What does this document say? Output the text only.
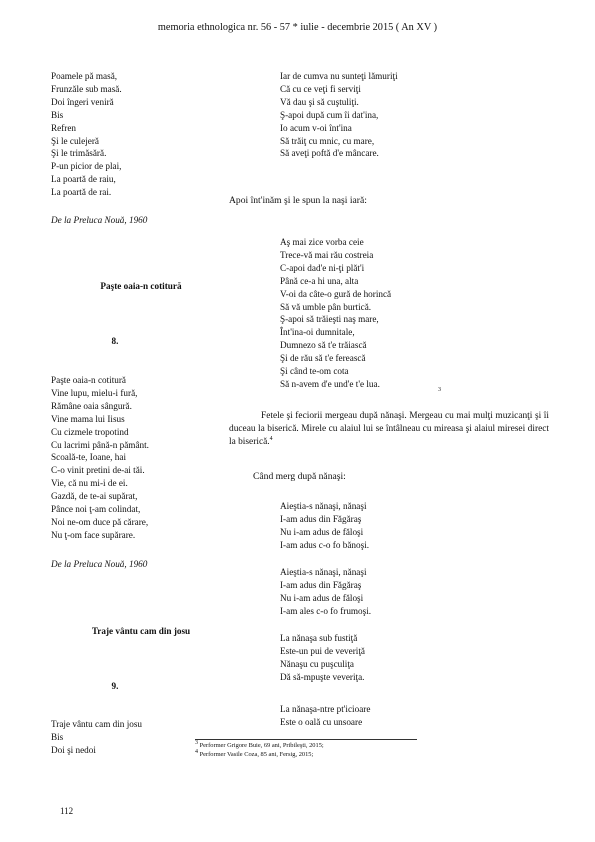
memoria ethnologica nr. 56 - 57 * iulie - decembrie 2015 ( An XV )
Poamele pă masă,
Frunzăle sub masă.
Doi îngeri veniră
Bis
Refren
Şi le culejeră
Şi le trimăsără.
P-un picior de plai,
La poartă de raiu,
La poartă de rai.
De la Preluca Nouă, 1960
Paşte oaia-n cotitură
8.
Paşte oaia-n cotitură
Vine lupu, mielu-i fură,
Rămâne oaia sângură.
Vine mama lui Iisus
Cu cizmele tropotind
Cu lacrimi până-n pământ.
Scoală-te, Ioane, hai
C-o vinit pretini de-ai tăi.
Vie, că nu mi-i de ei.
Gazdă, de te-ai supărat,
Pânce noi ţ-am colindat,
Noi ne-om duce pă cărare,
Nu ţ-om face supărare.
De la Preluca Nouă, 1960
Traje vântu cam din josu
9.
Traje vântu cam din josu
Bis
Doi şi nedoi
Iar de cumva nu sunteţi lămuriţi
Că cu ce veţi fi serviţi
Vă dau şi să cuştuliţi.
Ş-apoi după cum îi dat'ina,
Io acum v-oi înt'ina
Să trăiţ cu mnic, cu mare,
Să aveţi poftă d'e mâncare.
Apoi înt'inăm şi le spun la naşi iară:
Aş mai zice vorba ceie
Trece-vă mai rău costreia
C-apoi dad'e ni-ţi plăt'i
Până ce-a hi una, alta
V-oi da câte-o gură de horincă
Să vă umble pân burtică.
Ş-apoi să trăieşti naş mare,
Înt'ina-oi dumnitale,
Dumnezo să t'e trăiască
Şi de rău să t'e ferească
Şi când te-om cota
Să n-avem d'e und'e t'e lua.
$^3$
Fetele şi feciorii mergeau după nănaşi. Mergeau cu mai mulţi muzicanţi şi îi duceau la biserică. Mirele cu alaiul lui se întâlneau cu mireasa şi alaiul miresei direct la biserică.$^4$
Când merg după nănaşi:
Aieştia-s nănaşi, nănaşi
I-am adus din Făgăraş
Nu i-am adus de făloşi
I-am adus c-o fo bănoşi.
Aieştia-s nănaşi, nănaşi
I-am adus din Făgăraş
Nu i-am adus de făloşi
I-am ales c-o fo frumoşi.
La nănaşa sub fustiţă
Este-un pui de veveriţă
Nănaşu cu puşculiţa
Dă să-mpuşte veveriţa.
La nănaşa-ntre pt'icioare
Este o oală cu unsoare
3 Performer Grigore Buie, 69 ani, Pribileşti, 2015;
4 Performer Vasile Coza, 85 ani, Fersig, 2015;
112
